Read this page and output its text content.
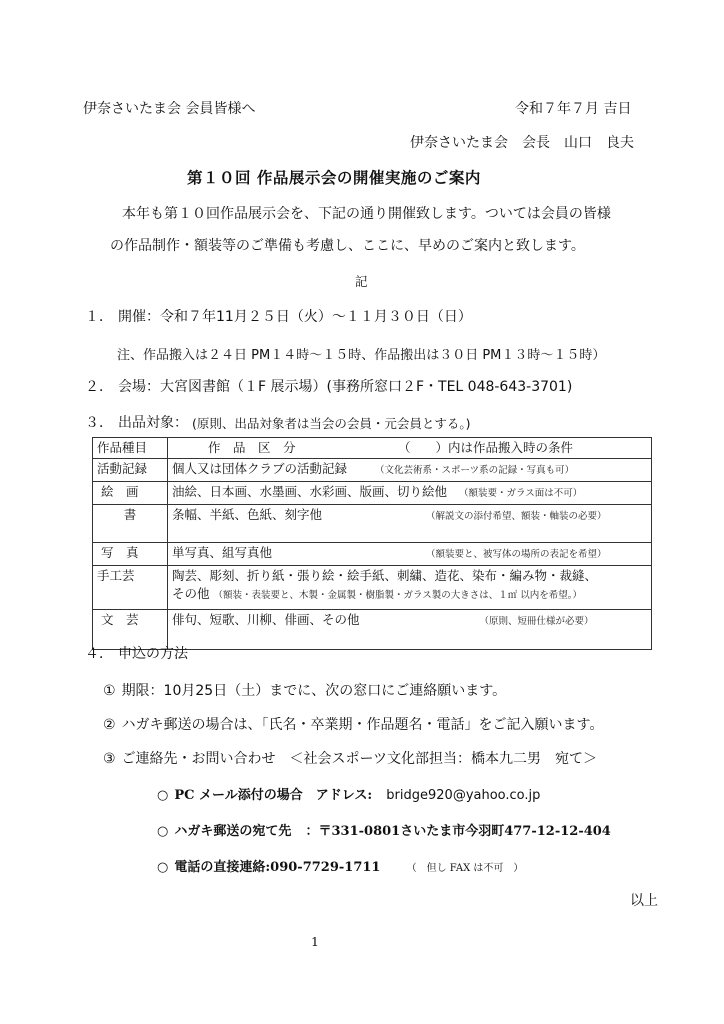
伊奈さいたま会 会員皆様へ	令和７年７月 吉日
伊奈さいたま会　会長　山口　良夫
第１０回 作品展示会の開催実施のご案内
本年も第１０回作品展示会を、下記の通り開催致します。ついては会員の皆様
の作品制作・額装等のご準備も考慮し、ここに、早めのご案内と致します。
記
１． 開催：令和７年11月２５日（火）～１１月３０日（日）
注、作品搬入は２４日 PM１４時～１５時、作品搬出は３０日 PM１３時～１５時）
２． 会場：大宮図書館（１F 展示場）(事務所窓口２F・TEL 048-643-3701)
３． 出品対象： (原則、出品対象者は当会の会員・元会員とする。)
作品種目	作　品　区　分 （　　）内は作品搬入時の条件

活動記録	個人又は団体クラブの活動記録 （文化芸術系・スポーツ系の記録・写真も可）
絵　画	油絵、日本画、水墨画、水彩画、版画、切り絵他 （額装要・ガラス面は不可）
書	条幅、半紙、色紙、刻字他 （解説文の添付希望、額装・軸装の必要）
写　真	単写真、組写真他 （額装要と、被写体の場所の表記を希望）
手工芸	陶芸、彫刻、折り紙・張り絵・絵手紙、刺繍、造花、染布・編み物・裁縫、
その他 （額装・表装要と、木製・金属製・樹脂製・ガラス製の大きさは、１㎡ 以内を希望。）

文　芸	俳句、短歌、川柳、俳画、その他 （原則、短冊仕様が必要）
４． 申込の方法
① 期限：10月25日（土）までに、次の窓口にご連絡願います。
② ハガキ郵送の場合は、「氏名・卒業期・作品題名・電話」をご記入願います。
③ ご連絡先・お問い合わせ　＜社会スポーツ文化部担当：橋本九二男　宛て＞
○ PC メール添付の場合　アドレス: bridge920@yahoo.co.jp
○ ハガキ郵送の宛て先 ：〒331-0801さいたま市今羽町477-12-12-404
○ 電話の直接連絡:090-7729-1711	（　但し FAX は不可　）
以上
1
